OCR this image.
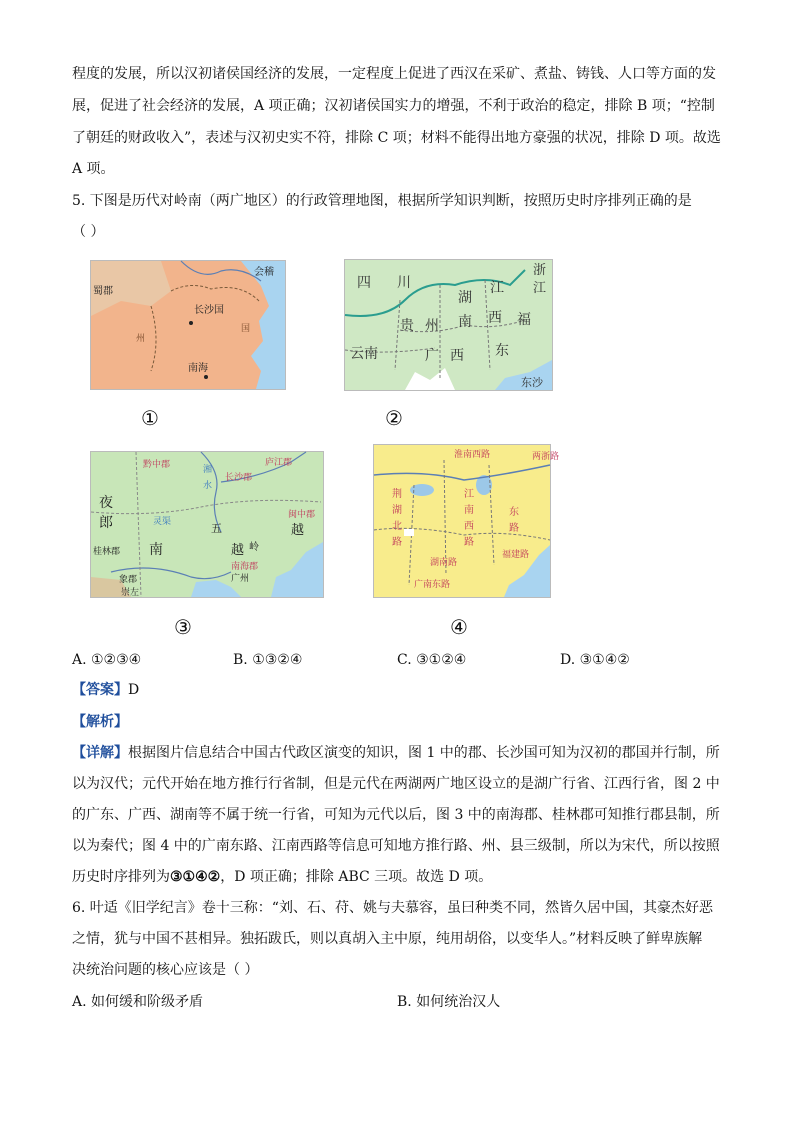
程度的发展，所以汉初诸侯国经济的发展，一定程度上促进了西汉在采矿、煮盐、铸钱、人口等方面的发
展，促进了社会经济的发展，A 项正确；汉初诸侯国实力的增强，不利于政治的稳定，排除 B 项；“控制
了朝廷的财政收入”，表述与汉初史实不符，排除 C 项；材料不能得出地方豪强的状况，排除 D 项。故选
A 项。
5. 下图是历代对岭南（两广地区）的行政管理地图，根据所学知识判断，按照历史时序排列正确的是
（ ）
会稽
蜀郡
长沙国
南海
国
州
四 川
湖
江
浙
江
贵 州 南 西 福
云南	广 西 东
东沙
①	②
黔中郡
长沙郡
庐江郡
夜
郎	五
越 岭
南
桂林郡
南海郡
广州
象郡
闽中郡
越
崇左
灵渠
湘
水
淮南西路	两浙路
荆
湖
北
路
江
南
西
路
东
路
福建路
广南东路
湖南路
③	④
A. ①②③④	B. ①③②④	C. ③①②④	D. ③①④②
【答案】D
【解析】
【详解】根据图片信息结合中国古代政区演变的知识，图 1 中的郡、长沙国可知为汉初的郡国并行制，所
以为汉代；元代开始在地方推行行省制，但是元代在两湖两广地区设立的是湖广行省、江西行省，图 2 中
的广东、广西、湖南等不属于统一行省，可知为元代以后，图 3 中的南海郡、桂林郡可知推行郡县制，所
以为秦代；图 4 中的广南东路、江南西路等信息可知地方推行路、州、县三级制，所以为宋代，所以按照
历史时序排列为③①④②，D 项正确；排除 ABC 三项。故选 D 项。
6. 叶适《旧学纪言》卷十三称：“刘、石、苻、姚与夫慕容，虽曰种类不同，然皆久居中国，其豪杰好恶
之情，犹与中国不甚相异。独拓跋氏，则以真胡入主中原，纯用胡俗，以变华人。”材料反映了鲜卑族解
决统治问题的核心应该是（ ）
A. 如何缓和阶级矛盾	B. 如何统治汉人
